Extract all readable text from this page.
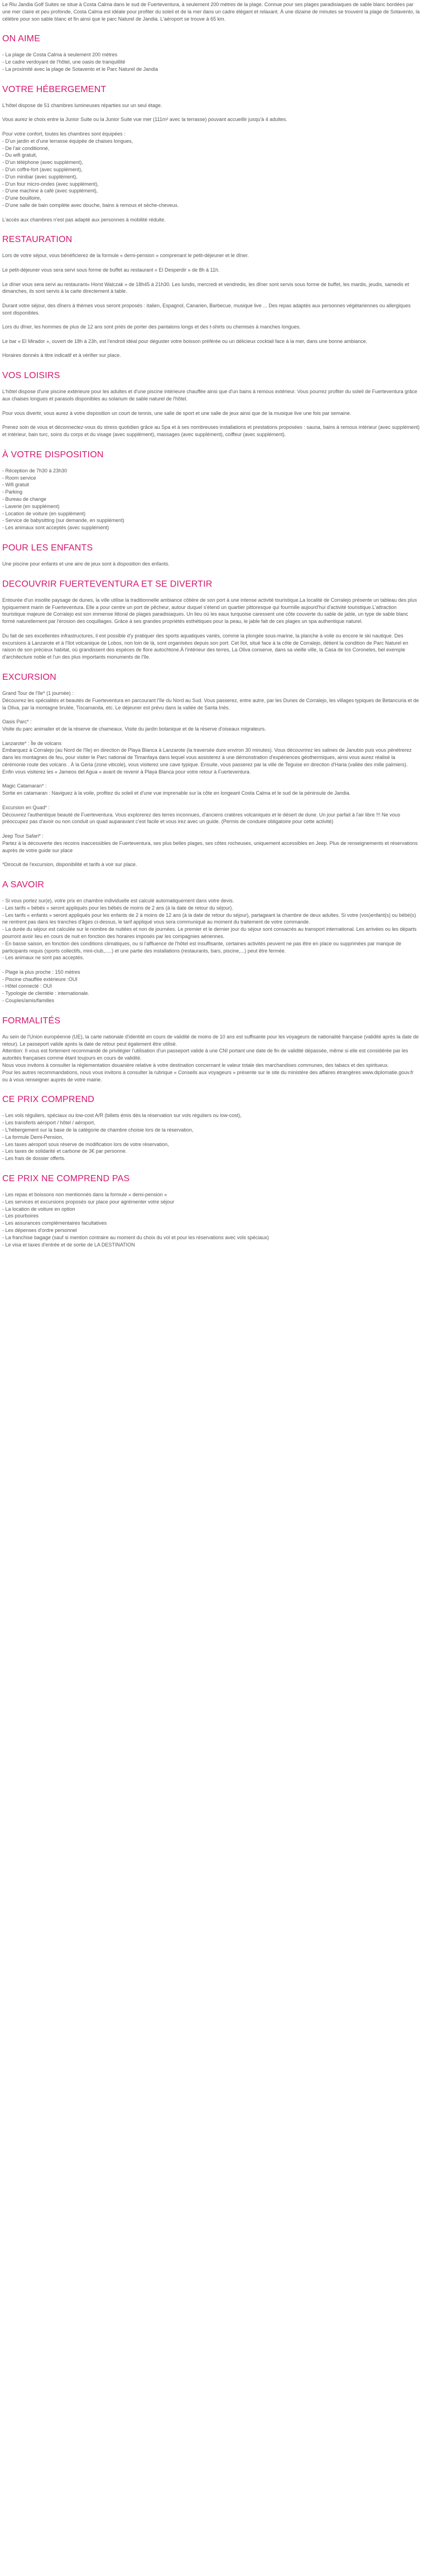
Le Riu Jandia Golf Suites se situe à Costa Calma dans le sud de Fuerteventura, à seulement 200 mètres de la plage. Connue pour ses plages paradisiaques de sable blanc bordées par une mer claire et peu profonde, Costa Calma est idéale pour profiter du soleil et de la mer dans un cadre élégant et relaxant. À une dizaine de minutes se trouvent la plage de Sotavento, la célèbre pour son sable blanc et fin ainsi que le parc Naturel de Jandia. L'aéroport se trouve à 65 km.

ON AIME

- La plage de Costa Calma à seulement 200 mètres
- Le cadre verdoyant de l'hôtel, une oasis de tranquillité
- La proximité avec la plage de Sotavento et le Parc Naturel de Jandia

VOTRE HÉBERGEMENT

L'hôtel dispose de 51 chambres lumineuses réparties sur un seul étage.

Vous aurez le choix entre la Junior Suite ou la Junior Suite vue mer (111m² avec la terrasse) pouvant accueillir jusqu'à 4 adultes.

Pour votre confort, toutes les chambres sont équipées :
- D'un jardin et d'une terrasse équipée de chaises longues,
- De l'air conditionné,
- Du wifi gratuit,
- D'un téléphone (avec supplément),
- D'un coffre-fort (avec supplément),
- D'un minibar (avec supplément),
- D'un four micro-ondes (avec supplément),
- D'une machine à café (avec supplément),
- D'une bouilloire,
- D'une salle de bain complète avec douche, bains à remous et sèche-cheveux.

L'accès aux chambres n'est pas adapté aux personnes à mobilité réduite.

RESTAURATION

Lors de votre séjour, vous bénéficierez de la formule « demi-pension » comprenant le petit-déjeuner et le dîner.

Le petit-déjeuner vous sera servi sous forme de buffet au restaurant « El Desperdir » de 8h à 11h.

Le dîner vous sera servi au restaurant« Horst Walczak » de 18h45 à 21h30. Les lundis, mercredi et vendredis, les dîner sont servis sous forme de buffet, les mardis, jeudis, samedis et dimanches, ils sont servis à la carte directement à table.

Durant votre séjour, des dîners à thèmes vous seront proposés : italien, Espagnol, Canarien, Barbecue, musique live ... Des repas adaptés aux personnes végétariennes ou allergiques sont disponibles.

Lors du dîner, les hommes de plus de 12 ans sont priés de porter des pantalons longs et des t-shirts ou chemises à manches longues.

Le bar « El Mirador », ouvert de 18h à 23h, est l'endroit idéal pour déguster votre boisson préférée ou un délicieux cocktail face à la mer, dans une bonne ambiance.

Horaires donnés à titre indicatif et à vérifier sur place.

VOS LOISIRS

L'hôtel dispose d'une piscine extérieure pour les adultes et d'une piscine intérieure chauffée ainsi que d'un bains à remous extérieur. Vous pourrez profiter du soleil de Fuerteventura grâce aux chaises longues et parasols disponibles au solarium de sable naturel de l'hôtel.

Pour vous divertir, vous aurez à votre disposition un court de tennis, une salle de sport et une salle de jeux ainsi que de la musique live une fois par semaine.

Prenez soin de vous et déconnectez-vous du stress quotidien grâce au Spa et à ses nombreuses installations et prestations proposées : sauna, bains à remous intérieur (avec supplément) et intérieur, bain turc, soins du corps et du visage (avec supplément), massages (avec supplément), coiffeur (avec supplément).

À VOTRE DISPOSITION

- Réception de 7h30 à 23h30
- Room service
- Wifi gratuit
- Parking
- Bureau de change
- Laverie (en supplément)
- Location de voiture (en supplément)
- Service de babysitting (sur demande, en supplément)
- Les animaux sont acceptés (avec supplément)

POUR LES ENFANTS

Une piscine pour enfants et une aire de jeux sont à disposition des enfants.

DECOUVRIR FUERTEVENTURA ET SE DIVERTIR

Entourée d'un insolite paysage de dunes, la ville utilise la traditionnelle ambiance côtière de son port à une intense activité touristique.La localité de Corralejo présente un tableau des plus typiquement marin de Fuerteventura. Elle a pour centre un port de pêcheur, autour duquel s'étend un quartier pittoresque qui fourmille aujourd'hui d'activité touristique.L'attraction touristique majeure de Corralejo est son immense littoral de plages paradisiaques. Un lieu où les eaux turquoise caressent une côte couverte du sable de jable, un type de sable blanc formé naturellement par l'érosion des coquillages. Grâce à ses grandes propriétés esthétiques pour la peau, le jable fait de ces plages un spa authentique naturel.

Du fait de ses excellentes infrastructures, il est possible d'y pratiquer des sports aquatiques variés, comme la plongée sous-marine, la planche à voile ou encore le ski nautique. Des excursions à Lanzarote et à l'îlot volcanique de Lobos, non loin de là, sont organisées depuis son port. Cet îlot, situé face à la côte de Corralejo, détient la condition de Parc Naturel en raison de son précieux habitat, où grandissent des espèces de flore autochtone.À l'intérieur des terres, La Oliva conserve, dans sa vieille ville, la Casa de los Coroneles, bel exemple d'architecture noble et l'un des plus importants monuments de l'île.

EXCURSION

Grand Tour de l'île* (1 journée) :
Découvrez les spécialités et beautés de Fuerteventura en parcourant l'île du Nord au Sud. Vous passerez, entre autre, par les Dunes de Corralejo, les villages typiques de Betancuria et de la Oliva, par la montagne brulée, Tiscamanita, etc. Le déjeuner est prévu dans la vallée de Santa Inés.

Oasis Parc* :
Visite du parc animalier et de la réserve de chameaux. Visite du jardin botanique et de la réserve d'oiseaux migrateurs.

Lanzarote* : Île de volcans
Embarquez à Corralejo (au Nord de l'île) en direction de Playa Blanca à Lanzarote (la traversée dure environ 30 minutes). Vous découvrirez les salines de Janubio puis vous pénétrerez dans les montagnes de feu, pour visiter le Parc national de Timanfaya dans lequel vous assisterez à une démonstration d'expériences géothermiques, ainsi vous aurez réalisé la cérémonie route des volcans . À la Geria (zone viticole), vous visiterez une cave typique. Ensuite, vous passerez par la ville de Teguise en direction d'Haria (vallée des mille palmiers). Enfin vous visiterez les « Jameos del Agua » avant de revenir à Playa Blanca pour votre retour à Fuerteventura.

Magic Catamaran* :
Sortie en catamaran : Naviguez à la voile, profitez du soleil et d'une vue imprenable sur la côte en longeant Costa Calma et le sud de la péninsule de Jandia.

Excursion en Quad* :
Découvrez l'authentique beauté de Fuerteventura. Vous explorerez des terres inconnues, d'anciens cratères volcaniques et le désert de dune. Un jour parfait à l'air libre !!! Ne vous préoccupez pas d'avoir ou non conduit un quad auparavant c'est facile et vous irez avec un guide. (Permis de conduire obligatoire pour cette activité)

Jeep Tour Safari* :
Partez à la découverte des recoins inaccessibles de Fuerteventura, ses plus belles plages, ses côtes rocheuses, uniquement accessibles en Jeep. Plus de renseignements et réservations auprès de votre guide sur place

*Dirocuit de l'excursion, disponibilité et tarifs à voir sur place.

A SAVOIR

- Si vous portez sur(e), votre prix en chambre individuelle est calculé automatiquement dans votre devis.
- Les tarifs « bébés » seront appliqués pour les bébés de moins de 2 ans (à la date de retour du séjour).
- Les tarifs « enfants » seront appliqués pour les enfants de 2 à moins de 12 ans (à la date de retour du séjour), partageant la chambre de deux adultes. Si votre (vos)enfant(s) ou bébé(s) ne rentrent pas dans les tranches d'âges ci-dessus, le tarif appliqué vous sera communiqué au moment du traitement de votre commande.
- La durée du séjour est calculée sur le nombre de nuitées et non de journées. Le premier et le dernier jour du séjour sont consacrés au transport international. Les arrivées ou les départs pourront avoir lieu en cours de nuit en fonction des horaires imposés par les compagnies aériennes.
- En basse saison, en fonction des conditions climatiques, ou si l'affluence de l'hôtel est insuffisante, certaines activités peuvent ne pas être en place ou supprimées par manque de participants requis (sports collectifs, mini-club,.....) et une partie des installations (restaurants, bars, piscine,...) peut être fermée.
- Les animaux ne sont pas acceptés.

- Plage la plus proche : 150 mètres
- Piscine chauffée extérieure :OUI
- Hôtel connecté : OUI
- Typologie de clientèle : internationale.
- Couples/amis/familles

FORMALITÉS

Au sein de l'Union européenne (UE), la carte nationale d'identité en cours de validité de moins de 10 ans est suffisante pour les voyageurs de nationalité française (validité après la date de retour). Le passeport valide après la date de retour peut également être utilisé.
Attention: Il vous est fortement recommandé de privilégier l'utilisation d'un passeport valide à une CNI portant une date de fin de validité dépassée, même si elle est considérée par les autorités françaises comme étant toujours en cours de validité.
Nous vous invitons à consulter la réglementation douanière relative à votre destination concernant le valeur totale des marchandises communes, des tabacs et des spiritueux.
Pour les autres recommandations, nous vous invitons à consulter la rubrique « Conseils aux voyageurs » présente sur le site du ministère des affaires étrangères www.diplomatie.gouv.fr ou à vous renseigner auprès de votre mairie.

CE PRIX COMPREND

- Les vols réguliers, spéciaux ou low-cost A/R (billets émis dès la réservation sur vols réguliers ou low-cost),
- Les transferts aéroport / hôtel / aéroport,
- L'hébergement sur la base de la catégorie de chambre choisie lors de la réservation,
- La formule Demi-Pension,
- Les taxes aéroport sous réserve de modification lors de votre réservation,
- Les taxes de solidarité et carbone de 3€ par personne.
- Les frais de dossier offerts.

CE PRIX NE COMPREND PAS

- Les repas et boissons non mentionnés dans la formule « demi-pension »
- Les services et excursions proposés sur place pour agrémenter votre séjour
- La location de voiture en option
- Les pourboires
- Les assurances complémentaires facultatives
- Les dépenses d'ordre personnel
- La franchise bagage (sauf si mention contraire au moment du choix du vol et pour les réservations avec vols spéciaux)
- Le visa et taxes d'entrée et de sortie de LA DESTINATION
